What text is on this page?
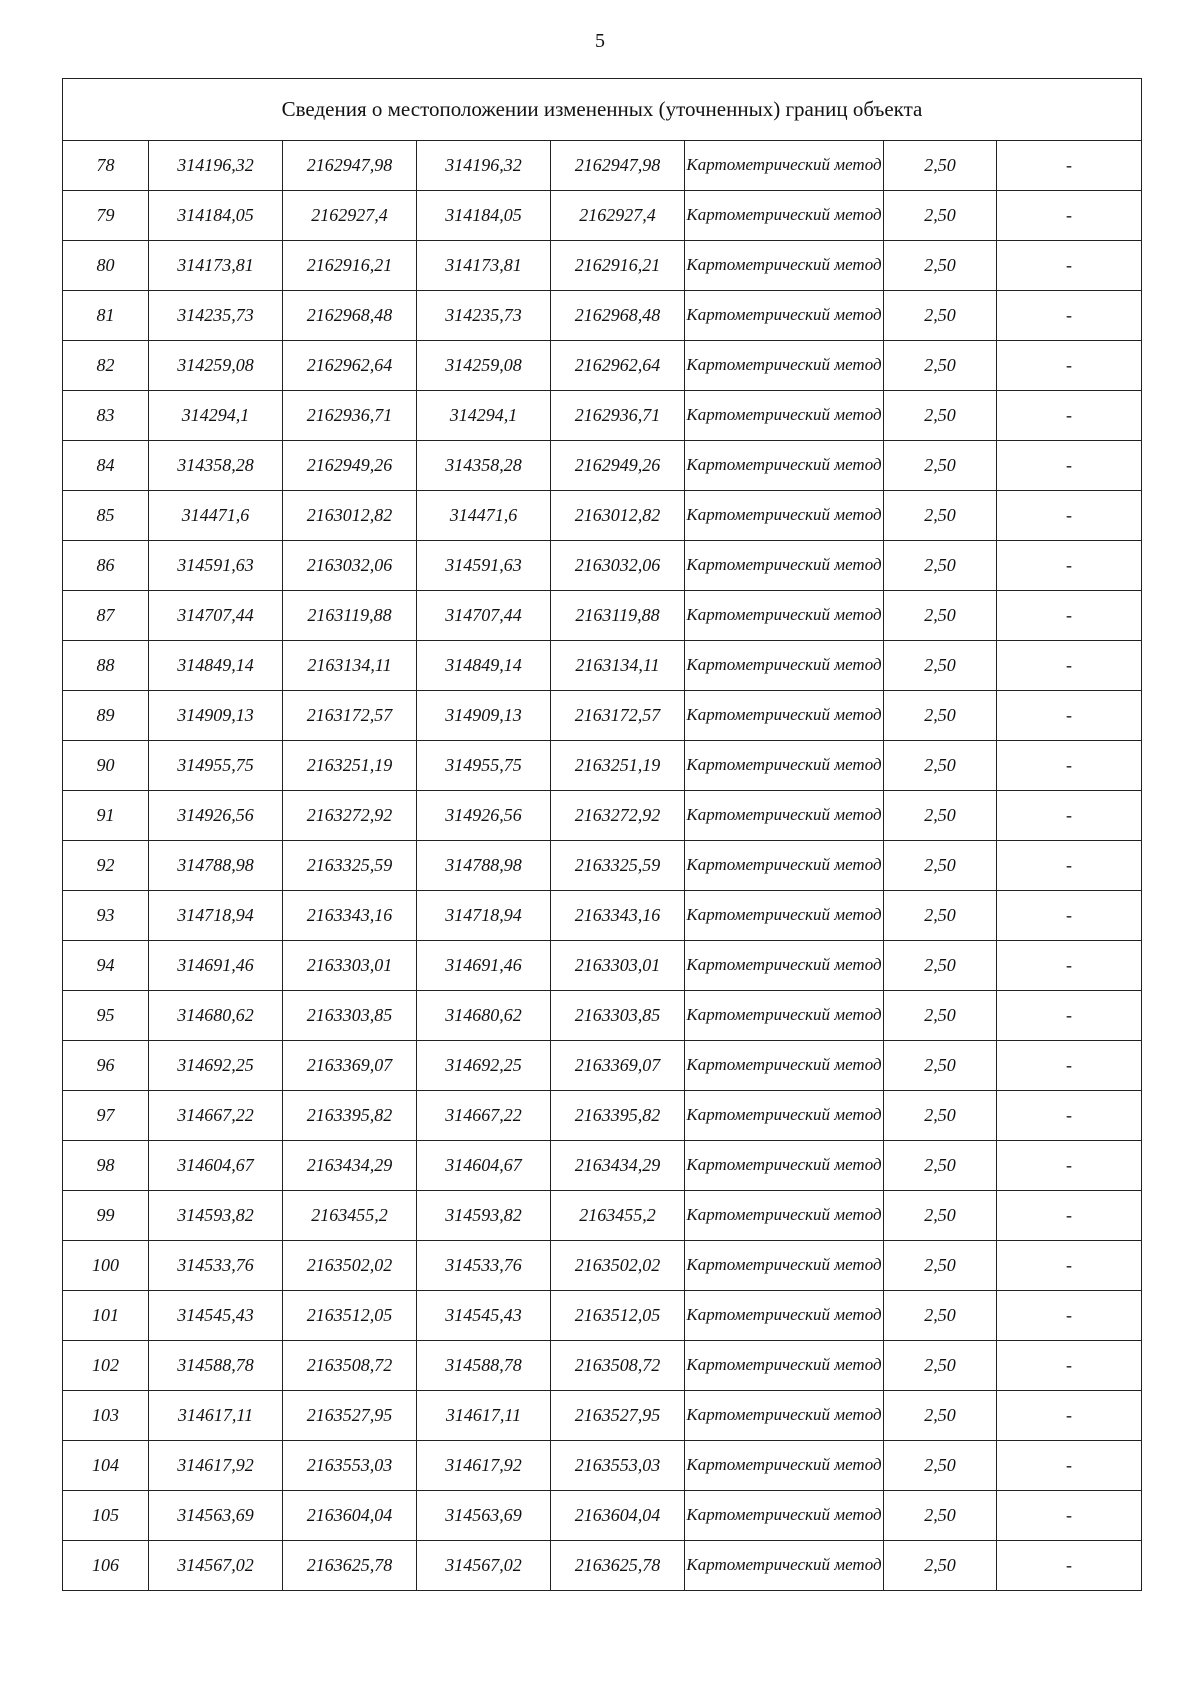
5
Сведения о местоположении измененных (уточненных) границ объекта							
78	314196,32	2162947,98	314196,32	2162947,98	Картометрический метод	2,50	-
79	314184,05	2162927,4	314184,05	2162927,4	Картометрический метод	2,50	-
80	314173,81	2162916,21	314173,81	2162916,21	Картометрический метод	2,50	-
81	314235,73	2162968,48	314235,73	2162968,48	Картометрический метод	2,50	-
82	314259,08	2162962,64	314259,08	2162962,64	Картометрический метод	2,50	-
83	314294,1	2162936,71	314294,1	2162936,71	Картометрический метод	2,50	-
84	314358,28	2162949,26	314358,28	2162949,26	Картометрический метод	2,50	-
85	314471,6	2163012,82	314471,6	2163012,82	Картометрический метод	2,50	-
86	314591,63	2163032,06	314591,63	2163032,06	Картометрический метод	2,50	-
87	314707,44	2163119,88	314707,44	2163119,88	Картометрический метод	2,50	-
88	314849,14	2163134,11	314849,14	2163134,11	Картометрический метод	2,50	-
89	314909,13	2163172,57	314909,13	2163172,57	Картометрический метод	2,50	-
90	314955,75	2163251,19	314955,75	2163251,19	Картометрический метод	2,50	-
91	314926,56	2163272,92	314926,56	2163272,92	Картометрический метод	2,50	-
92	314788,98	2163325,59	314788,98	2163325,59	Картометрический метод	2,50	-
93	314718,94	2163343,16	314718,94	2163343,16	Картометрический метод	2,50	-
94	314691,46	2163303,01	314691,46	2163303,01	Картометрический метод	2,50	-
95	314680,62	2163303,85	314680,62	2163303,85	Картометрический метод	2,50	-
96	314692,25	2163369,07	314692,25	2163369,07	Картометрический метод	2,50	-
97	314667,22	2163395,82	314667,22	2163395,82	Картометрический метод	2,50	-
98	314604,67	2163434,29	314604,67	2163434,29	Картометрический метод	2,50	-
99	314593,82	2163455,2	314593,82	2163455,2	Картометрический метод	2,50	-
100	314533,76	2163502,02	314533,76	2163502,02	Картометрический метод	2,50	-
101	314545,43	2163512,05	314545,43	2163512,05	Картометрический метод	2,50	-
102	314588,78	2163508,72	314588,78	2163508,72	Картометрический метод	2,50	-
103	314617,11	2163527,95	314617,11	2163527,95	Картометрический метод	2,50	-
104	314617,92	2163553,03	314617,92	2163553,03	Картометрический метод	2,50	-
105	314563,69	2163604,04	314563,69	2163604,04	Картометрический метод	2,50	-
106	314567,02	2163625,78	314567,02	2163625,78	Картометрический метод	2,50	-
